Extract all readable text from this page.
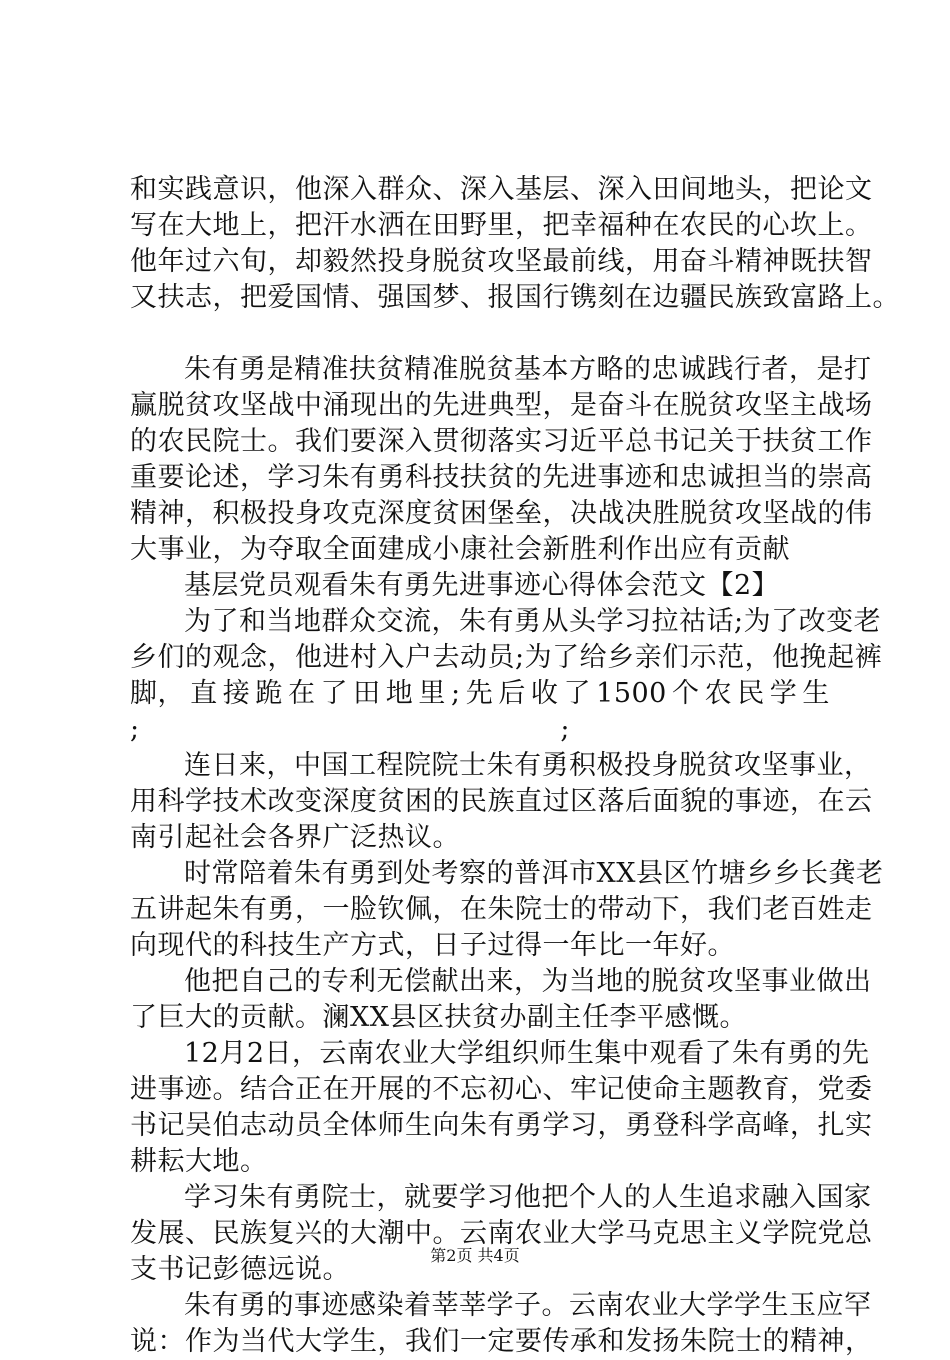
和实践意识，他深入群众、深入基层、深入田间地头，把论文
写在大地上，把汗水洒在田野里，把幸福种在农民的心坎上。
他年过六旬，却毅然投身脱贫攻坚最前线，用奋斗精神既扶智
又扶志，把爱国情、强国梦、报国行镌刻在边疆民族致富路上。
朱有勇是精准扶贫精准脱贫基本方略的忠诚践行者，是打
赢脱贫攻坚战中涌现出的先进典型，是奋斗在脱贫攻坚主战场
的农民院士。我们要深入贯彻落实习近平总书记关于扶贫工作
重要论述，学习朱有勇科技扶贫的先进事迹和忠诚担当的崇高
精神，积极投身攻克深度贫困堡垒，决战决胜脱贫攻坚战的伟
大事业，为夺取全面建成小康社会新胜利作出应有贡献
基层党员观看朱有勇先进事迹心得体会范文【2】
为了和当地群众交流，朱有勇从头学习拉祜话;为了改变老
乡们的观念，他进村入户去动员;为了给乡亲们示范，他挽起裤
脚， 直 接 跪 在 了 田 地 里 ; 先 后 收 了 1500 个 农 民 学 生
;	;
连日来，中国工程院院士朱有勇积极投身脱贫攻坚事业，
用科学技术改变深度贫困的民族直过区落后面貌的事迹，在云
南引起社会各界广泛热议。
时常陪着朱有勇到处考察的普洱市XX县区竹塘乡乡长龚老
五讲起朱有勇，一脸钦佩，在朱院士的带动下，我们老百姓走
向现代的科技生产方式，日子过得一年比一年好。
他把自己的专利无偿献出来，为当地的脱贫攻坚事业做出
了巨大的贡献。澜XX县区扶贫办副主任李平感慨。
12月2日，云南农业大学组织师生集中观看了朱有勇的先
进事迹。结合正在开展的不忘初心、牢记使命主题教育，党委
书记吴伯志动员全体师生向朱有勇学习，勇登科学高峰，扎实
耕耘大地。
学习朱有勇院士，就要学习他把个人的人生追求融入国家
发展、民族复兴的大潮中。云南农业大学马克思主义学院党总
支书记彭德远说。
朱有勇的事迹感染着莘莘学子。云南农业大学学生玉应罕
说：作为当代大学生，我们一定要传承和发扬朱院士的精神，
第2页 共4页
